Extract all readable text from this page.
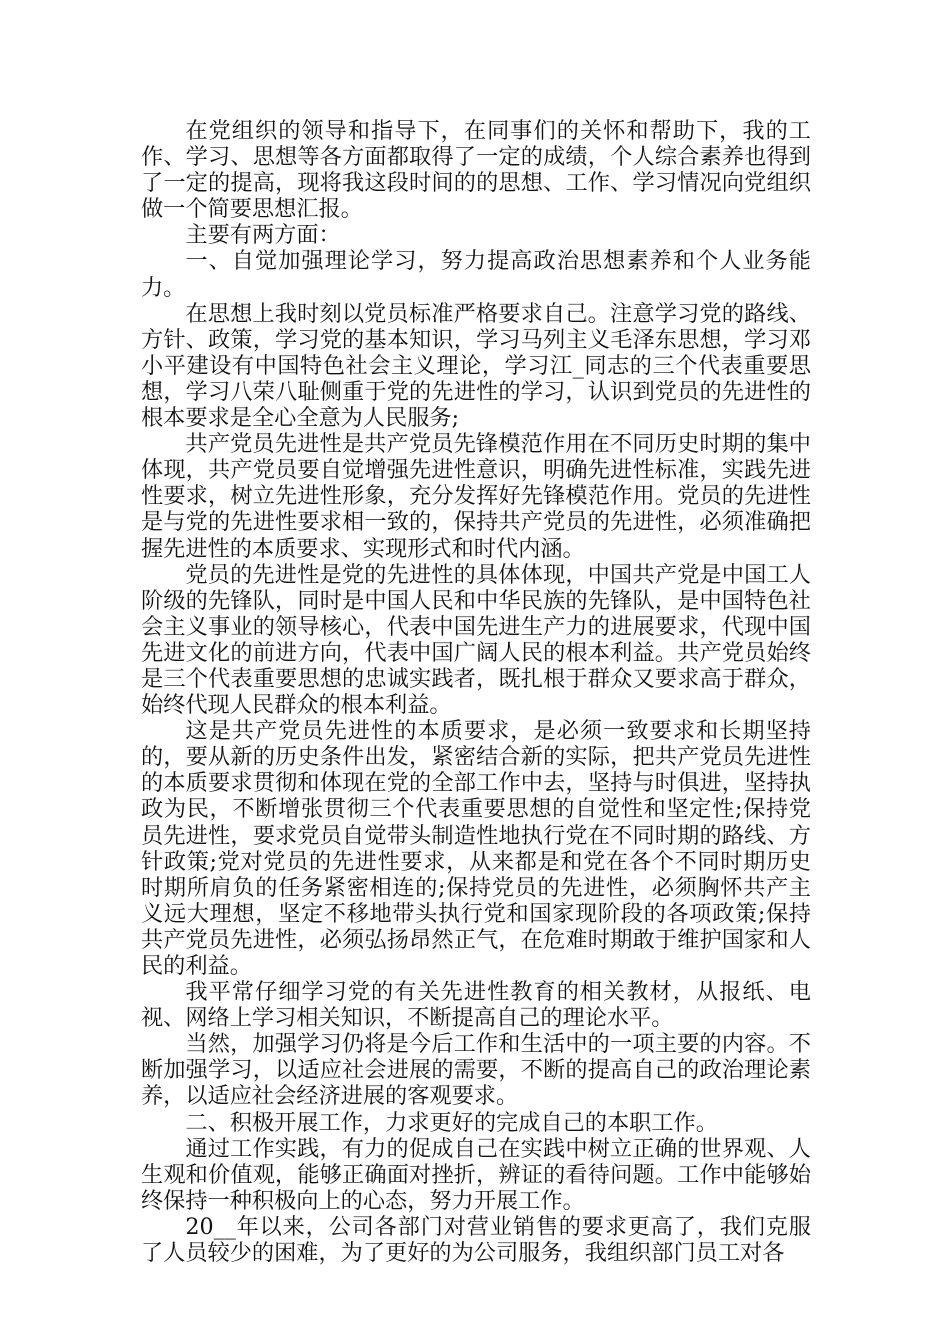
在党组织的领导和指导下，在同事们的关怀和帮助下，我的工作、学习、思想等各方面都取得了一定的成绩，个人综合素养也得到了一定的提高，现将我这段时间的的思想、工作、学习情况向党组织做一个简要思想汇报。

主要有两方面：

一、自觉加强理论学习，努力提高政治思想素养和个人业务能力。

在思想上我时刻以党员标准严格要求自己。注意学习党的路线、方针、政策，学习党的基本知识，学习马列主义毛泽东思想，学习邓小平建设有中国特色社会主义理论，学习江_同志的三个代表重要思想，学习八荣八耻侧重于党的先进性的学习，认识到党员的先进性的根本要求是全心全意为人民服务;

共产党员先进性是共产党员先锋模范作用在不同历史时期的集中体现，共产党员要自觉增强先进性意识，明确先进性标准，实践先进性要求，树立先进性形象，充分发挥好先锋模范作用。党员的先进性是与党的先进性要求相一致的，保持共产党员的先进性，必须准确把握先进性的本质要求、实现形式和时代内涵。

党员的先进性是党的先进性的具体体现，中国共产党是中国工人阶级的先锋队，同时是中国人民和中华民族的先锋队，是中国特色社会主义事业的领导核心，代表中国先进生产力的进展要求，代现中国先进文化的前进方向，代表中国广阔人民的根本利益。共产党员始终是三个代表重要思想的忠诚实践者，既扎根于群众又要求高于群众，始终代现人民群众的根本利益。

这是共产党员先进性的本质要求，是必须一致要求和长期坚持的，要从新的历史条件出发，紧密结合新的实际，把共产党员先进性的本质要求贯彻和体现在党的全部工作中去，坚持与时俱进，坚持执政为民，不断增张贯彻三个代表重要思想的自觉性和坚定性;保持党员先进性，要求党员自觉带头制造性地执行党在不同时期的路线、方针政策;党对党员的先进性要求，从来都是和党在各个不同时期历史时期所肩负的任务紧密相连的;保持党员的先进性，必须胸怀共产主义远大理想，坚定不移地带头执行党和国家现阶段的各项政策;保持共产党员先进性，必须弘扬昂然正气，在危难时期敢于维护国家和人民的利益。

我平常仔细学习党的有关先进性教育的相关教材，从报纸、电视、网络上学习相关知识，不断提高自己的理论水平。

当然，加强学习仍将是今后工作和生活中的一项主要的内容。不断加强学习，以适应社会进展的需要，不断的提高自己的政治理论素养，以适应社会经济进展的客观要求。

二、积极开展工作，力求更好的完成自己的本职工作。

通过工作实践，有力的促成自己在实践中树立正确的世界观、人生观和价值观，能够正确面对挫折，辨证的看待问题。工作中能够始终保持一种积极向上的心态，努力开展工作。

20__年以来，公司各部门对营业销售的要求更高了，我们克服了人员较少的困难，为了更好的为公司服务，我组织部门员工对各
